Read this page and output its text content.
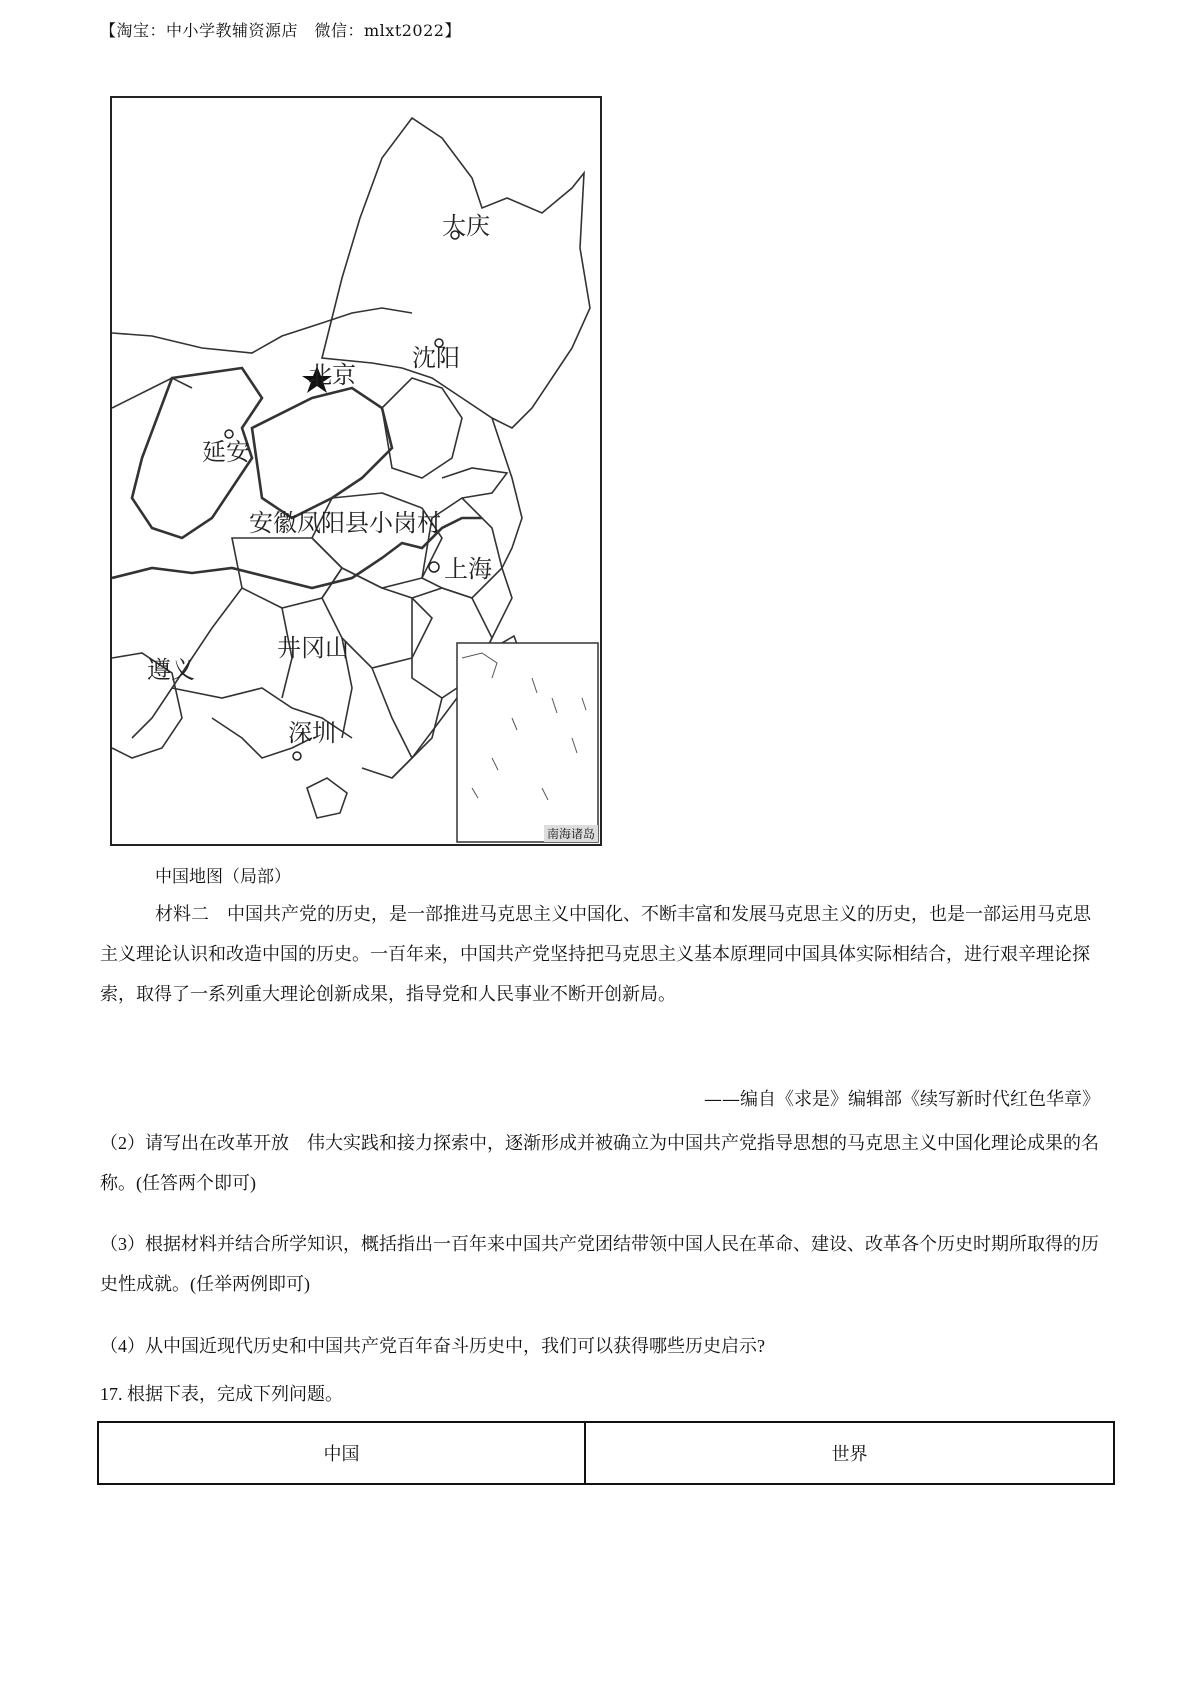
【淘宝：中小学教辅资源店　微信：mlxt2022】
大庆
沈阳
北京
延安
安徽凤阳县小岗村
上海
遵义
井冈山
深圳
南海诸岛
中国地图（局部）
材料二　中国共产党的历史，是一部推进马克思主义中国化、不断丰富和发展马克思主义的历史，也是一部运用马克思主义理论认识和改造中国的历史。一百年来，中国共产党坚持把马克思主义基本原理同中国具体实际相结合，进行艰辛理论探索，取得了一系列重大理论创新成果，指导党和人民事业不断开创新局。
——编自《求是》编辑部《续写新时代红色华章》
（2）请写出在改革开放　伟大实践和接力探索中，逐渐形成并被确立为中国共产党指导思想的马克思主义中国化理论成果的名称。(任答两个即可)
（3）根据材料并结合所学知识，概括指出一百年来中国共产党团结带领中国人民在革命、建设、改革各个历史时期所取得的历史性成就。(任举两例即可)
（4）从中国近现代历史和中国共产党百年奋斗历史中，我们可以获得哪些历史启示?
17. 根据下表，完成下列问题。
中国	世界
